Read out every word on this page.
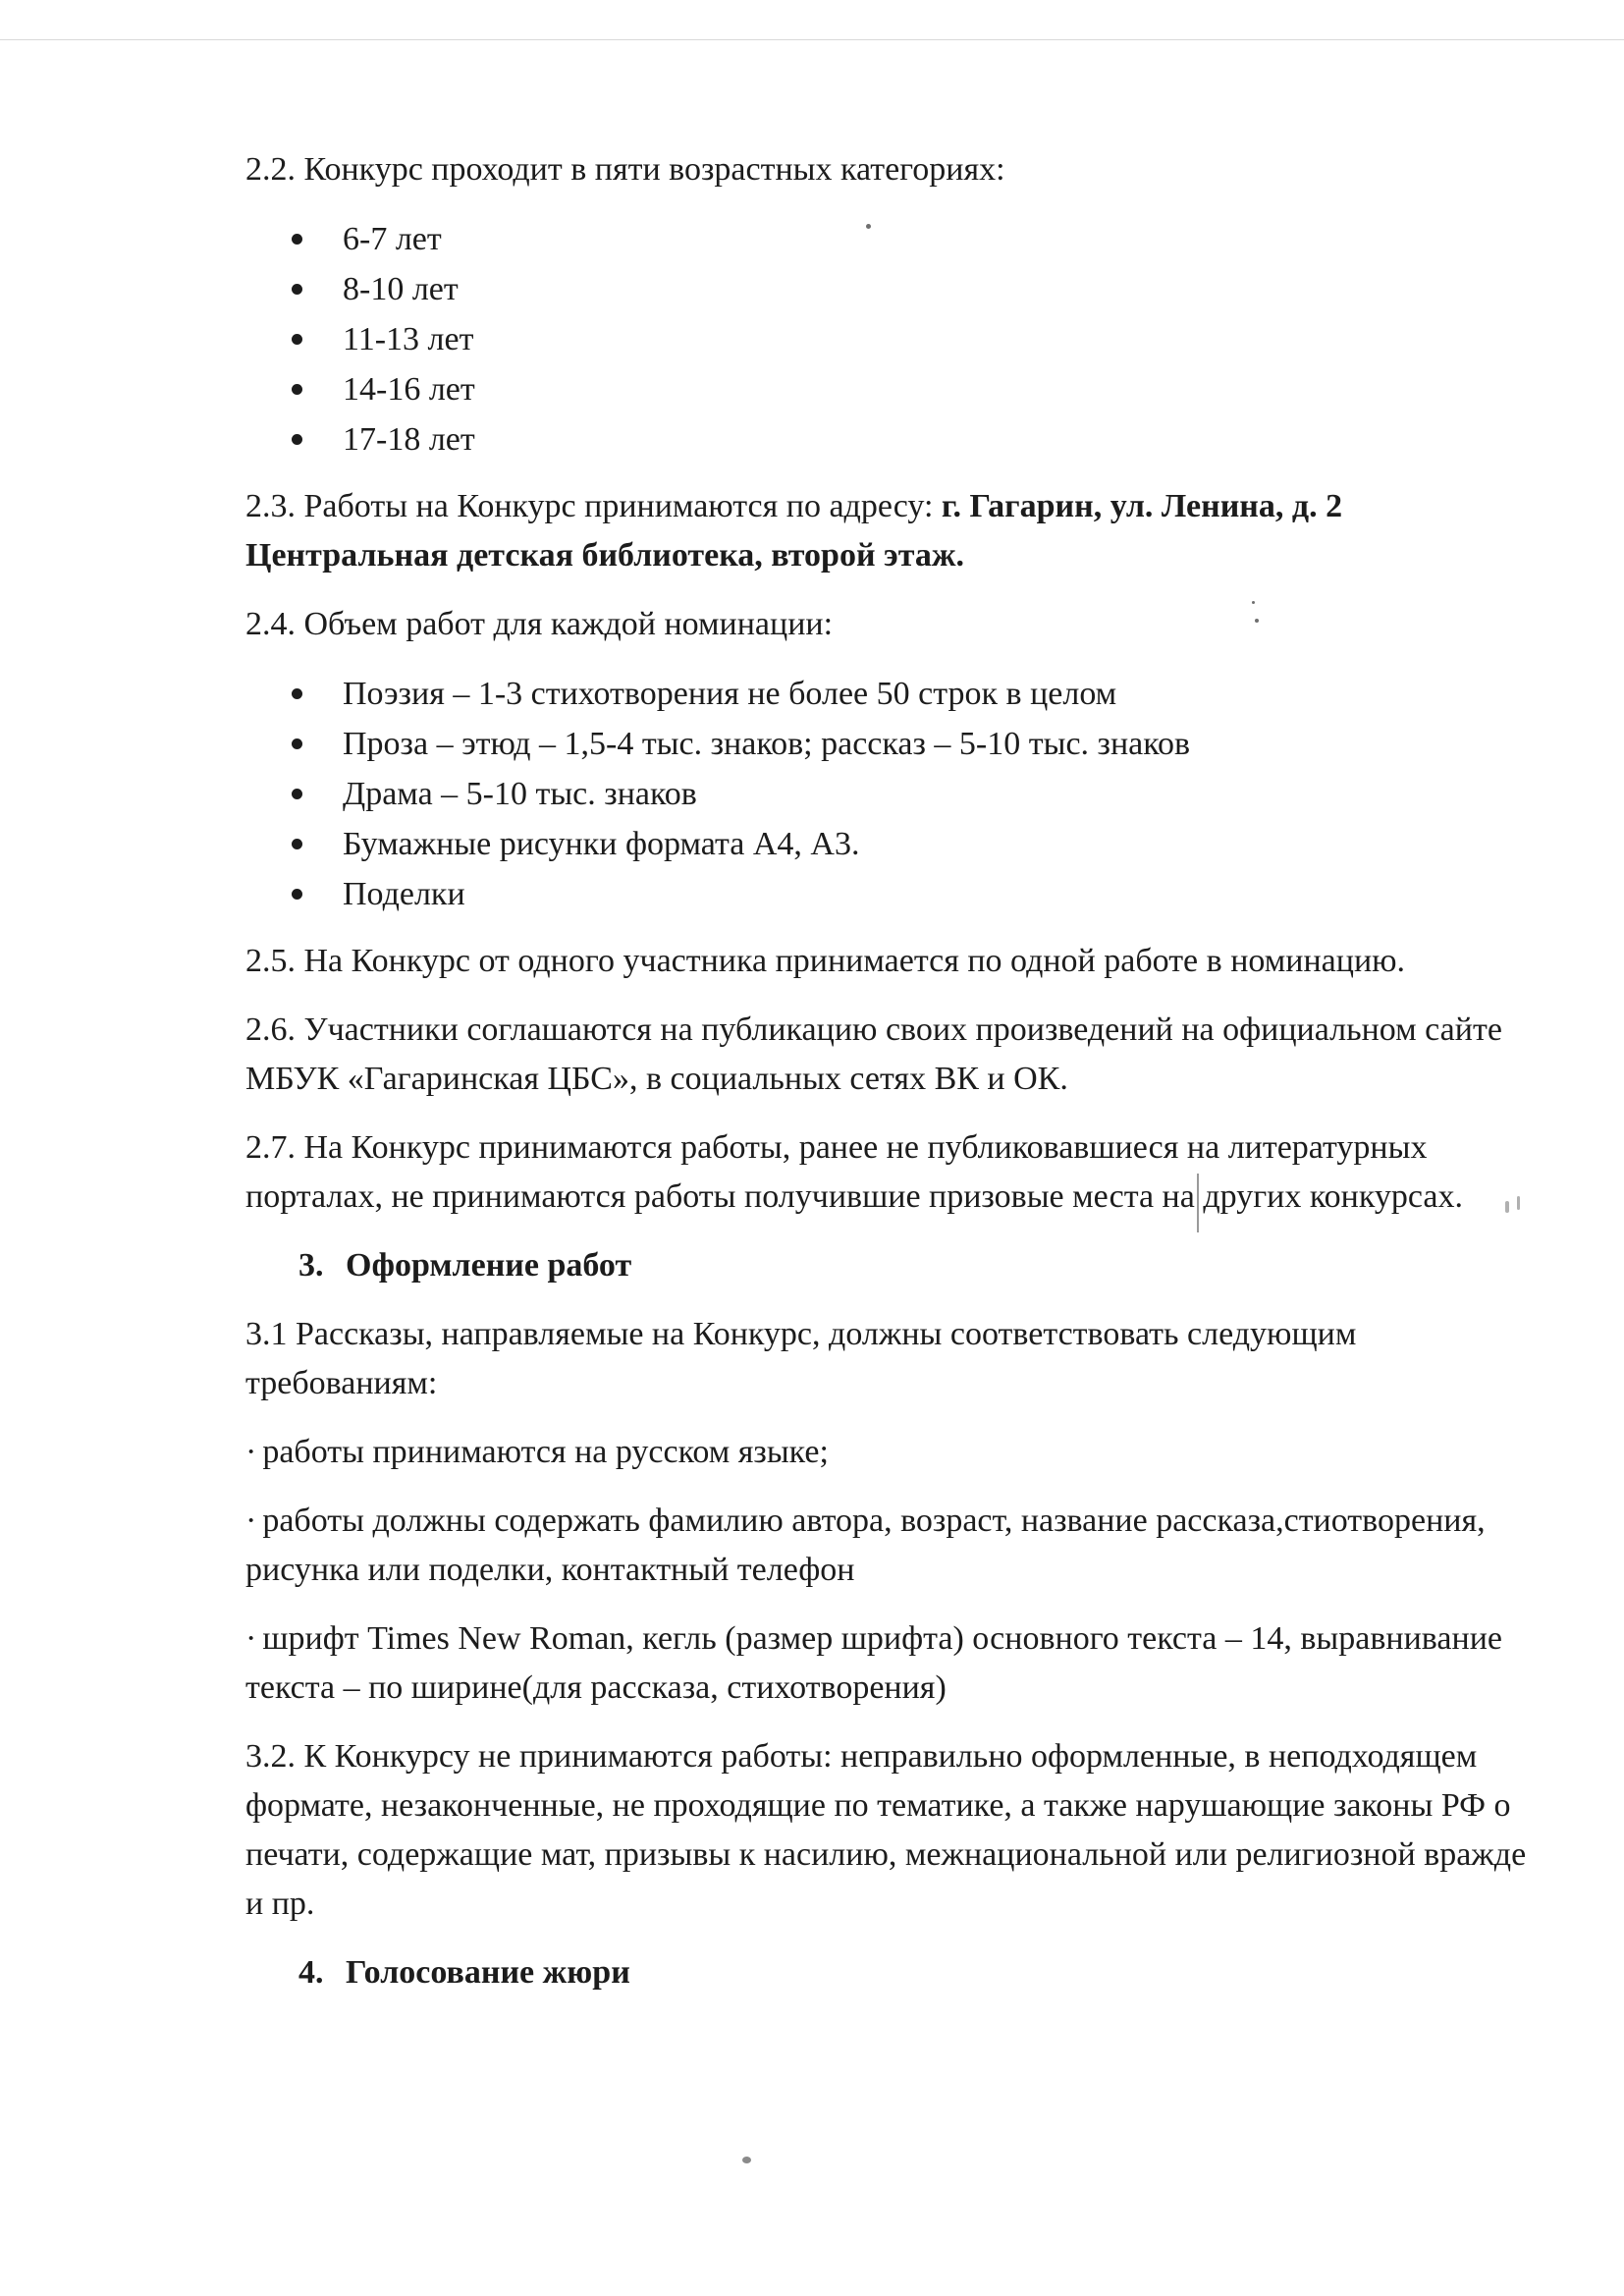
2.2. Конкурс проходит в пяти возрастных категориях:

6-7 лет
8-10 лет
11-13 лет
14-16 лет
17-18 лет

2.3. Работы на Конкурс принимаются по адресу: г. Гагарин, ул. Ленина, д. 2 Центральная детская библиотека, второй этаж.

2.4. Объем работ для каждой номинации:

Поэзия – 1-3 стихотворения не более 50 строк в целом
Проза – этюд – 1,5-4 тыс. знаков; рассказ – 5-10 тыс. знаков
Драма – 5-10 тыс. знаков
Бумажные рисунки формата А4, А3.
Поделки

2.5. На Конкурс от одного участника принимается по одной работе в номинацию.

2.6. Участники соглашаются на публикацию своих произведений на официальном сайте МБУК «Гагаринская ЦБС», в социальных сетях ВК и ОК.

2.7. На Конкурс принимаются работы, ранее не публиковавшиеся на литературных порталах, не принимаются работы получившие призовые места на других конкурсах.

3. Оформление работ

3.1 Рассказы, направляемые на Конкурс, должны соответствовать следующим требованиям:

· работы принимаются на русском языке;

· работы должны содержать фамилию автора, возраст, название рассказа,стиотворения, рисунка или поделки, контактный телефон

· шрифт Times New Roman, кегль (размер шрифта) основного текста – 14, выравнивание текста – по ширине(для рассказа, стихотворения)

3.2. К Конкурсу не принимаются работы: неправильно оформленные, в неподходящем формате, незаконченные, не проходящие по тематике, а также нарушающие законы РФ о печати, содержащие мат, призывы к насилию, межнациональной или религиозной вражде и пр.

4. Голосование жюри
